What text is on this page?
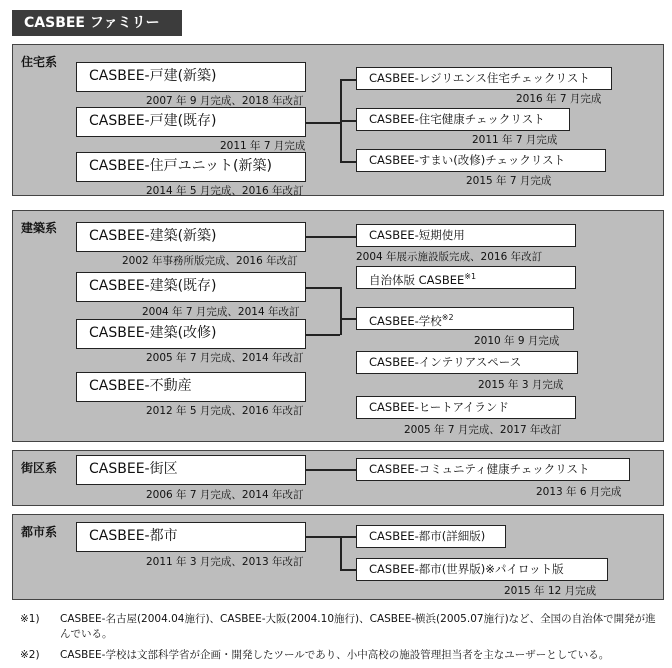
CASBEE ファミリー
住宅系
CASBEE-戸建(新築)
2007 年 9 月完成、2018 年改訂
CASBEE-戸建(既存)
2011 年 7 月完成
CASBEE-住戸ユニット(新築)
2014 年 5 月完成、2016 年改訂
CASBEE-レジリエンス住宅チェックリスト
2016 年 7 月完成
CASBEE-住宅健康チェックリスト
2011 年 7 月完成
CASBEE-すまい(改修)チェックリスト
2015 年 7 月完成
建築系	CASBEE-建築(新築)
2002 年事務所版完成、2016 年改訂
CASBEE-建築(既存)
2004 年 7 月完成、2014 年改訂
CASBEE-建築(改修)
2005 年 7 月完成、2014 年改訂
CASBEE-不動産
2012 年 5 月完成、2016 年改訂
CASBEE-短期使用
2004 年展示施設版完成、2016 年改訂
自治体版 CASBEE$^{※1}$
CASBEE-学校$^{※2}$
2010 年 9 月完成
CASBEE-インテリアスペース
2015 年 3 月完成
CASBEE-ヒートアイランド
2005 年 7 月完成、2017 年改訂
街区系	CASBEE-街区
2006 年 7 月完成、2014 年改訂
CASBEE-コミュニティ健康チェックリスト
2013 年 6 月完成
都市系	CASBEE-都市
2011 年 3 月完成、2013 年改訂
CASBEE-都市(詳細版)
CASBEE-都市(世界版)※パイロット版
2015 年 12 月完成
※1) CASBEE-名古屋(2004.04施行)、CASBEE-大阪(2004.10施行)、CASBEE-横浜(2005.07施行)など、全国の自治体で開発が進んでいる。
※2) CASBEE-学校は文部科学省が企画・開発したツールであり、小中高校の施設管理担当者を主なユーザーとしている。
